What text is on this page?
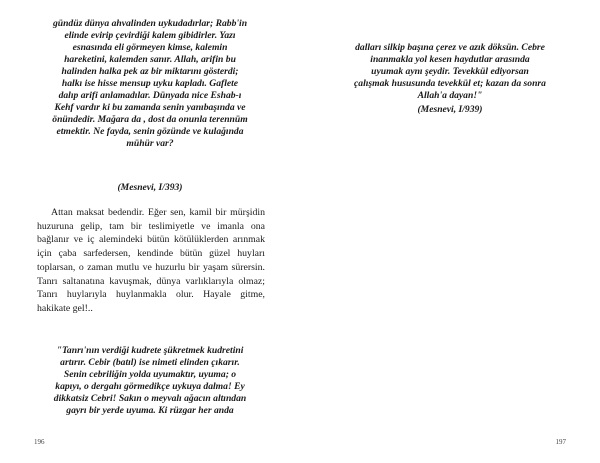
gündüz dünya ahvalinden uykudadırlar; Rabb'in

elinde evirip çevirdiği kalem gibidirler. Yazı

esnasında eli görmeyen kimse, kalemin

hareketini, kalemden sanır. Allah, arifin bu

halinden halka pek az bir miktarını gösterdi;

halkı ise hisse mensup uyku kapladı. Gaflete

dalıp arifi anlamadılar. Dünyada nice Eshab-ı

Kehf vardır ki bu zamanda senin yanıbaşında ve

önündedir. Mağara da , dost da onunla terennüm

etmektir. Ne fayda, senin gözünde ve kulağında

mühür var?

(Mesnevi, I/393)

Attan maksat bedendir. Eğer sen, kamil bir mürşidin huzuruna gelip, tam bir teslimiyetle ve imanla ona bağlanır ve iç alemindeki bütün kötülüklerden arınmak için çaba sarfedersen, kendinde bütün güzel huyları toplarsan, o zaman mutlu ve huzurlu bir yaşam sürersin. Tanrı saltanatına kavuşmak, dünya varlıklarıyla olmaz; Tanrı huylarıyla huylanmakla olur. Hayale gitme, hakikate gel!..

"Tanrı'nın verdiği kudrete şükretmek kudretini

artırır. Cebir (batıl) ise nimeti elinden çıkarır.

Senin cebriliğin yolda uyumaktır, uyuma; o

kapıyı, o dergahı görmedikçe uykuya dalma! Ey

dikkatsiz Cebri! Sakın o meyvalı ağacın altından

gayrı bir yerde uyuma. Ki rüzgar her anda

196

dalları silkip başına çerez ve azık döksün. Cebre

inanmakla yol kesen haydutlar arasında

uyumak aynı şeydir. Tevekkül ediyorsan

çalışmak hususunda tevekkül et; kazan da sonra

Allah'a dayan!"

(Mesnevi, I/939)

197
